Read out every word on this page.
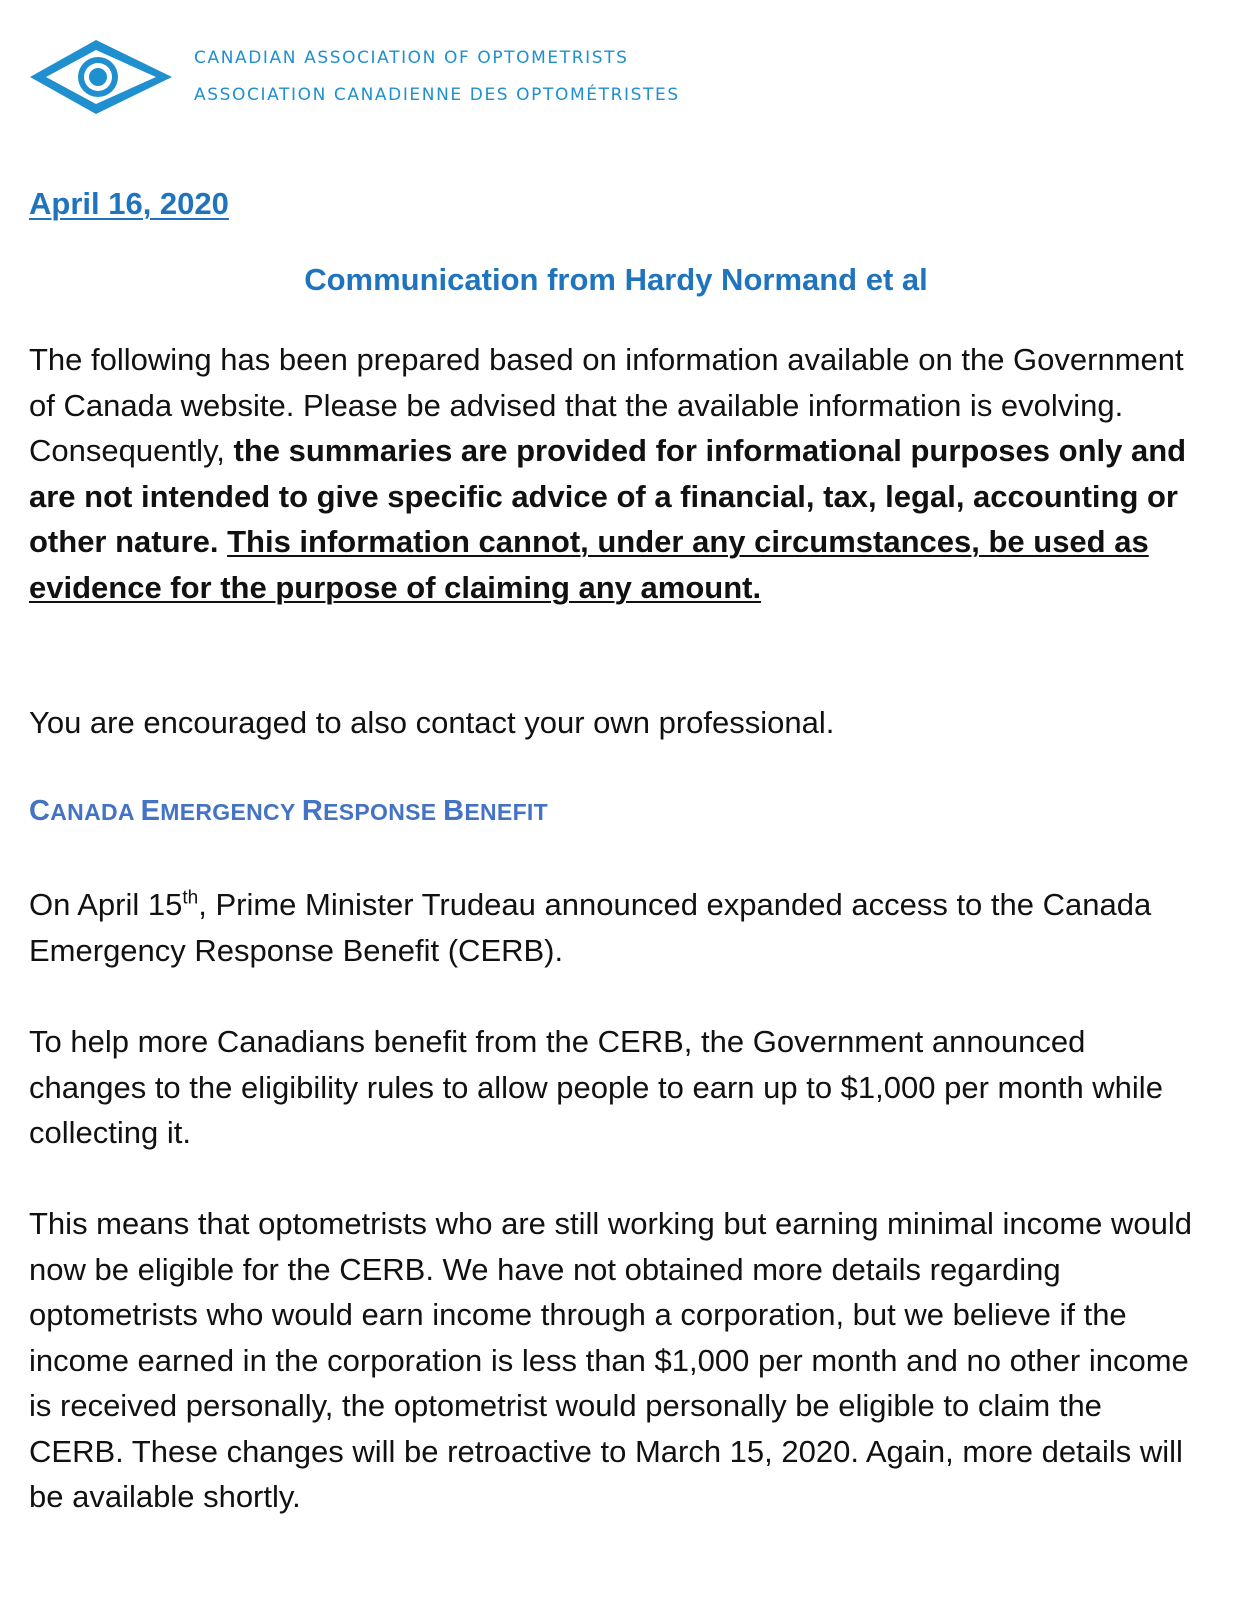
CANADIAN ASSOCIATION OF OPTOMETRISTS
ASSOCIATION CANADIENNE DES OPTOMÉTRISTES
April 16, 2020
Communication from Hardy Normand et al
The following has been prepared based on information available on the Government of Canada website. Please be advised that the available information is evolving. Consequently, the summaries are provided for informational purposes only and are not intended to give specific advice of a financial, tax, legal, accounting or other nature. This information cannot, under any circumstances, be used as evidence for the purpose of claiming any amount.
You are encouraged to also contact your own professional.
CANADA EMERGENCY RESPONSE BENEFIT
On April 15th, Prime Minister Trudeau announced expanded access to the Canada Emergency Response Benefit (CERB).
To help more Canadians benefit from the CERB, the Government announced changes to the eligibility rules to allow people to earn up to $1,000 per month while collecting it.
This means that optometrists who are still working but earning minimal income would now be eligible for the CERB. We have not obtained more details regarding optometrists who would earn income through a corporation, but we believe if the income earned in the corporation is less than $1,000 per month and no other income is received personally, the optometrist would personally be eligible to claim the CERB. These changes will be retroactive to March 15, 2020. Again, more details will be available shortly.
